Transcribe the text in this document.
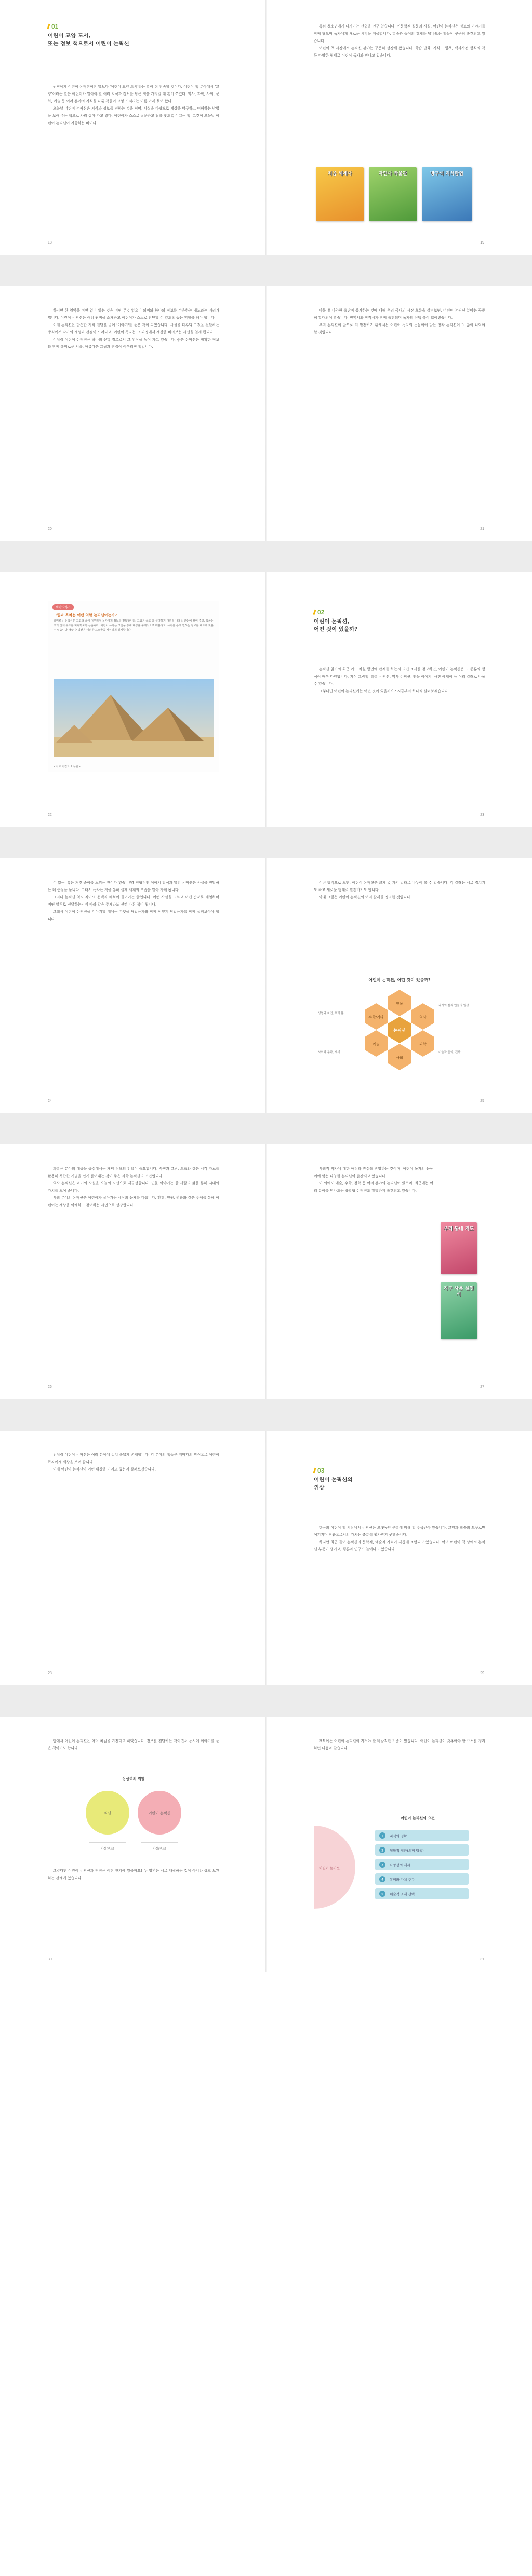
01
어린이 교양 도서,
또는 정보 책으로서 어린이 논픽션

원칭에게 어린이 논픽션이란 말보다 '어린이 교양 도서'라는 말이 더 친숙할 것이다. 어린이 책 분야에서 '교양'이라는 말은 어린이가 알아야 할 여러 지식과 정보를 담은 책을 가리킬 때 흔히 쓰였다. 역사, 과학, 사회, 문화, 예술 등 여러 분야의 지식을 다룬 책들이 교양 도서라는 이름 아래 묶여 왔다.

오늘날 어린이 논픽션은 지식과 정보를 전하는 것을 넘어, 사실을 바탕으로 세상을 탐구하고 이해하는 방법을 보여 주는 책으로 자리 잡아 가고 있다. 어린이가 스스로 질문하고 답을 찾도록 이끄는 책, 그것이 오늘날 어린이 논픽션이 지향하는 바이다.

18

특히 청소년에게 다가가는 산업을 연구 있습니다. 인문학적 질문과 사실, 어린이 논픽션은 정보와 이야기를 함께 담으며 독자에게 새로운 시각을 제공합니다. 학습과 놀이의 경계를 넘나드는 책들이 꾸준히 출간되고 있습니다.

어린이 책 시장에서 논픽션 분야는 꾸준히 성장해 왔습니다. 학습 만화, 지식 그림책, 백과사전 형식의 책 등 다양한 형태로 어린이 독자와 만나고 있습니다.

처음 세계사	자연사 박물관	방구석 지식탐험
19

하지만 한 영역을 비판 없이 읽는 것은 어떤 무엇 있으니 의미와 하나의 정보를 수용하는 태도와는 거리가 멉니다. 어린이 논픽션은 여러 관점을 소개하고 어린이가 스스로 판단할 수 있도록 돕는 역할을 해야 합니다.

이제 논픽션은 단순한 지식 전달을 넘어 '이야기'를 품은 책이 되었습니다. 사실을 다루되 그것을 전달하는 방식에서 작가의 개성과 관점이 드러나고, 어린이 독자는 그 과정에서 세상을 바라보는 시선을 얻게 됩니다.

이처럼 어린이 논픽션은 하나의 문학 장르로서 그 위상을 높여 가고 있습니다. 좋은 논픽션은 정확한 정보와 함께 흥미로운 서술, 아름다운 그림과 편집이 어우러진 책입니다.

20

아동 책 다양한 출판이 증가하는 것에 대해 우리 국내의 시장 흐름을 살펴보면, 어린이 논픽션 분야는 꾸준히 확대되어 왔습니다. 번역서와 창작서가 함께 출간되며 독자의 선택 폭이 넓어졌습니다.

우리 논픽션이 앞으로 더 발전하기 위해서는 어린이 독자의 눈높이에 맞는 창작 논픽션이 더 많이 나와야 할 것입니다.

21
생각더하기
그림과 목차는 어떤 역할 논픽션이는가?
흥미로운 논픽션은 그림과 글이 어우러져 독자에게 정보를 전달합니다. 그림은 글로 다 설명하기 어려운 내용을 한눈에 보여 주고, 목차는 책의 전체 구조를 파악하도록 돕습니다. 어린이 독자는 그림을 통해 대상을 구체적으로 떠올리고, 목차를 통해 원하는 정보를 빠르게 찾을 수 있습니다. 좋은 논픽션은 이러한 요소들을 세심하게 설계합니다.
<사료 이집트 7 무덤>
22
02
어린이 논픽션,
어떤 것이 있을까?

논픽션 읽기의 최근 어느 차원 방면에 관계를 하는지 의견 조사를 참고하면, 어린이 논픽션은 그 종류와 형식이 매우 다양합니다. 지식 그림책, 과학 논픽션, 역사 논픽션, 인물 이야기, 사진 에세이 등 여러 갈래로 나눌 수 있습니다.

그렇다면 어린이 논픽션에는 어떤 것이 있을까요? 지금부터 하나씩 살펴보겠습니다.

23

수 없는, 혹은 거짓 중이를 느끼는 관이다 있습니까? 전형적인 이야기 방식과 달리 논픽션은 사실을 전달하는 데 중심을 둡니다. 그래서 독자는 책을 통해 실제 세계의 모습을 알아 가게 됩니다.

그러나 논픽션 역시 작가의 선택과 해석이 들어가는 글입니다. 어떤 사실을 고르고 어떤 순서로 배열하며 어떤 말투로 전달하는지에 따라 같은 주제라도 전혀 다른 책이 됩니다.

그래서 어린이 논픽션을 이야기할 때에는 무엇을 담았는가와 함께 어떻게 담았는가를 함께 살펴보아야 합니다.

24

이런 방식으로 보면, 어린이 논픽션은 크게 몇 가지 갈래로 나누어 볼 수 있습니다. 각 갈래는 서로 겹치기도 하고 새로운 형태로 발전하기도 합니다.

아래 그림은 어린이 논픽션의 여러 갈래를 정리한 것입니다.

어린이 논픽션, 어떤 것이 있을까?
논픽션
인물
역사
과학
사회
예술
수학/기타
생명과 자연, 우리 몸
과거의 삶과 인물의 일생
사회와 문화, 세계	미술과 음악, 건축
25

과학은 분야의 대중을 중심에서는 개념 정보의 전달이 중요합니다. 사진과 그림, 도표와 같은 시각 자료를 활용해 복잡한 개념을 쉽게 풀어내는 것이 좋은 과학 논픽션의 조건입니다.

역사 논픽션은 과거의 사실을 오늘의 시선으로 재구성합니다. 인물 이야기는 한 사람의 삶을 통해 시대와 가치를 보여 줍니다.

사회 분야의 논픽션은 어린이가 살아가는 세상의 문제를 다룹니다. 환경, 인권, 평화와 같은 주제를 통해 어린이는 세상을 이해하고 참여하는 시민으로 성장합니다.

26

사회적 약자에 대한 애정과 관심을 반영하는 것이며, 어린이 독자의 눈높이에 맞는 다양한 논픽션이 출간되고 있습니다.

이 외에도 예술, 수학, 철학 등 여러 분야의 논픽션이 있으며, 최근에는 여러 분야를 넘나드는 융합형 논픽션도 활발하게 출간되고 있습니다.

우리 동네 지도
지구 사용 설명서
27

위처럼 어린이 논픽션은 여러 분야에 걸쳐 폭넓게 존재합니다. 각 분야의 책들은 저마다의 방식으로 어린이 독자에게 세상을 보여 줍니다.

이제 어린이 논픽션이 어떤 위상을 가지고 있는지 살펴보겠습니다.

28
03
어린이 논픽션의
위상

한국의 어린이 책 시장에서 논픽션은 오랫동안 문학에 비해 덜 주목받아 왔습니다. 교양과 학습의 도구로만 여겨지며 작품으로서의 가치는 충분히 평가받지 못했습니다.

하지만 최근 들어 논픽션의 문학적, 예술적 가치가 새롭게 조명되고 있습니다. 여러 어린이 책 상에서 논픽션 부문이 생기고, 평론과 연구도 늘어나고 있습니다.

29

앞에서 어린이 논픽션은 여러 차원을 가진다고 하였습니다. 정보를 전달하는 책이면서 동시에 이야기를 품은 책이기도 합니다.

상상력의 역할
픽션	어린이 논픽션
사실(팩트)	사실(팩트)

그렇다면 어린이 논픽션과 픽션은 어떤 관계에 있을까요? 두 영역은 서로 대립하는 것이 아니라 상호 보완하는 관계에 있습니다.

30

팩트에는 어린이 논픽션이 가져야 할 바람직한 기준이 있습니다. 어린이 논픽션이 갖추어야 할 요소를 정리하면 다음과 같습니다.

어린이 논픽션의 요건
어린이 논픽션
1 지식의 정확
2 철학적 접근(의미 탐색)
3 다양성의 제시
4 흥미와 가치 추구
5 예술적 소재 선택
31
